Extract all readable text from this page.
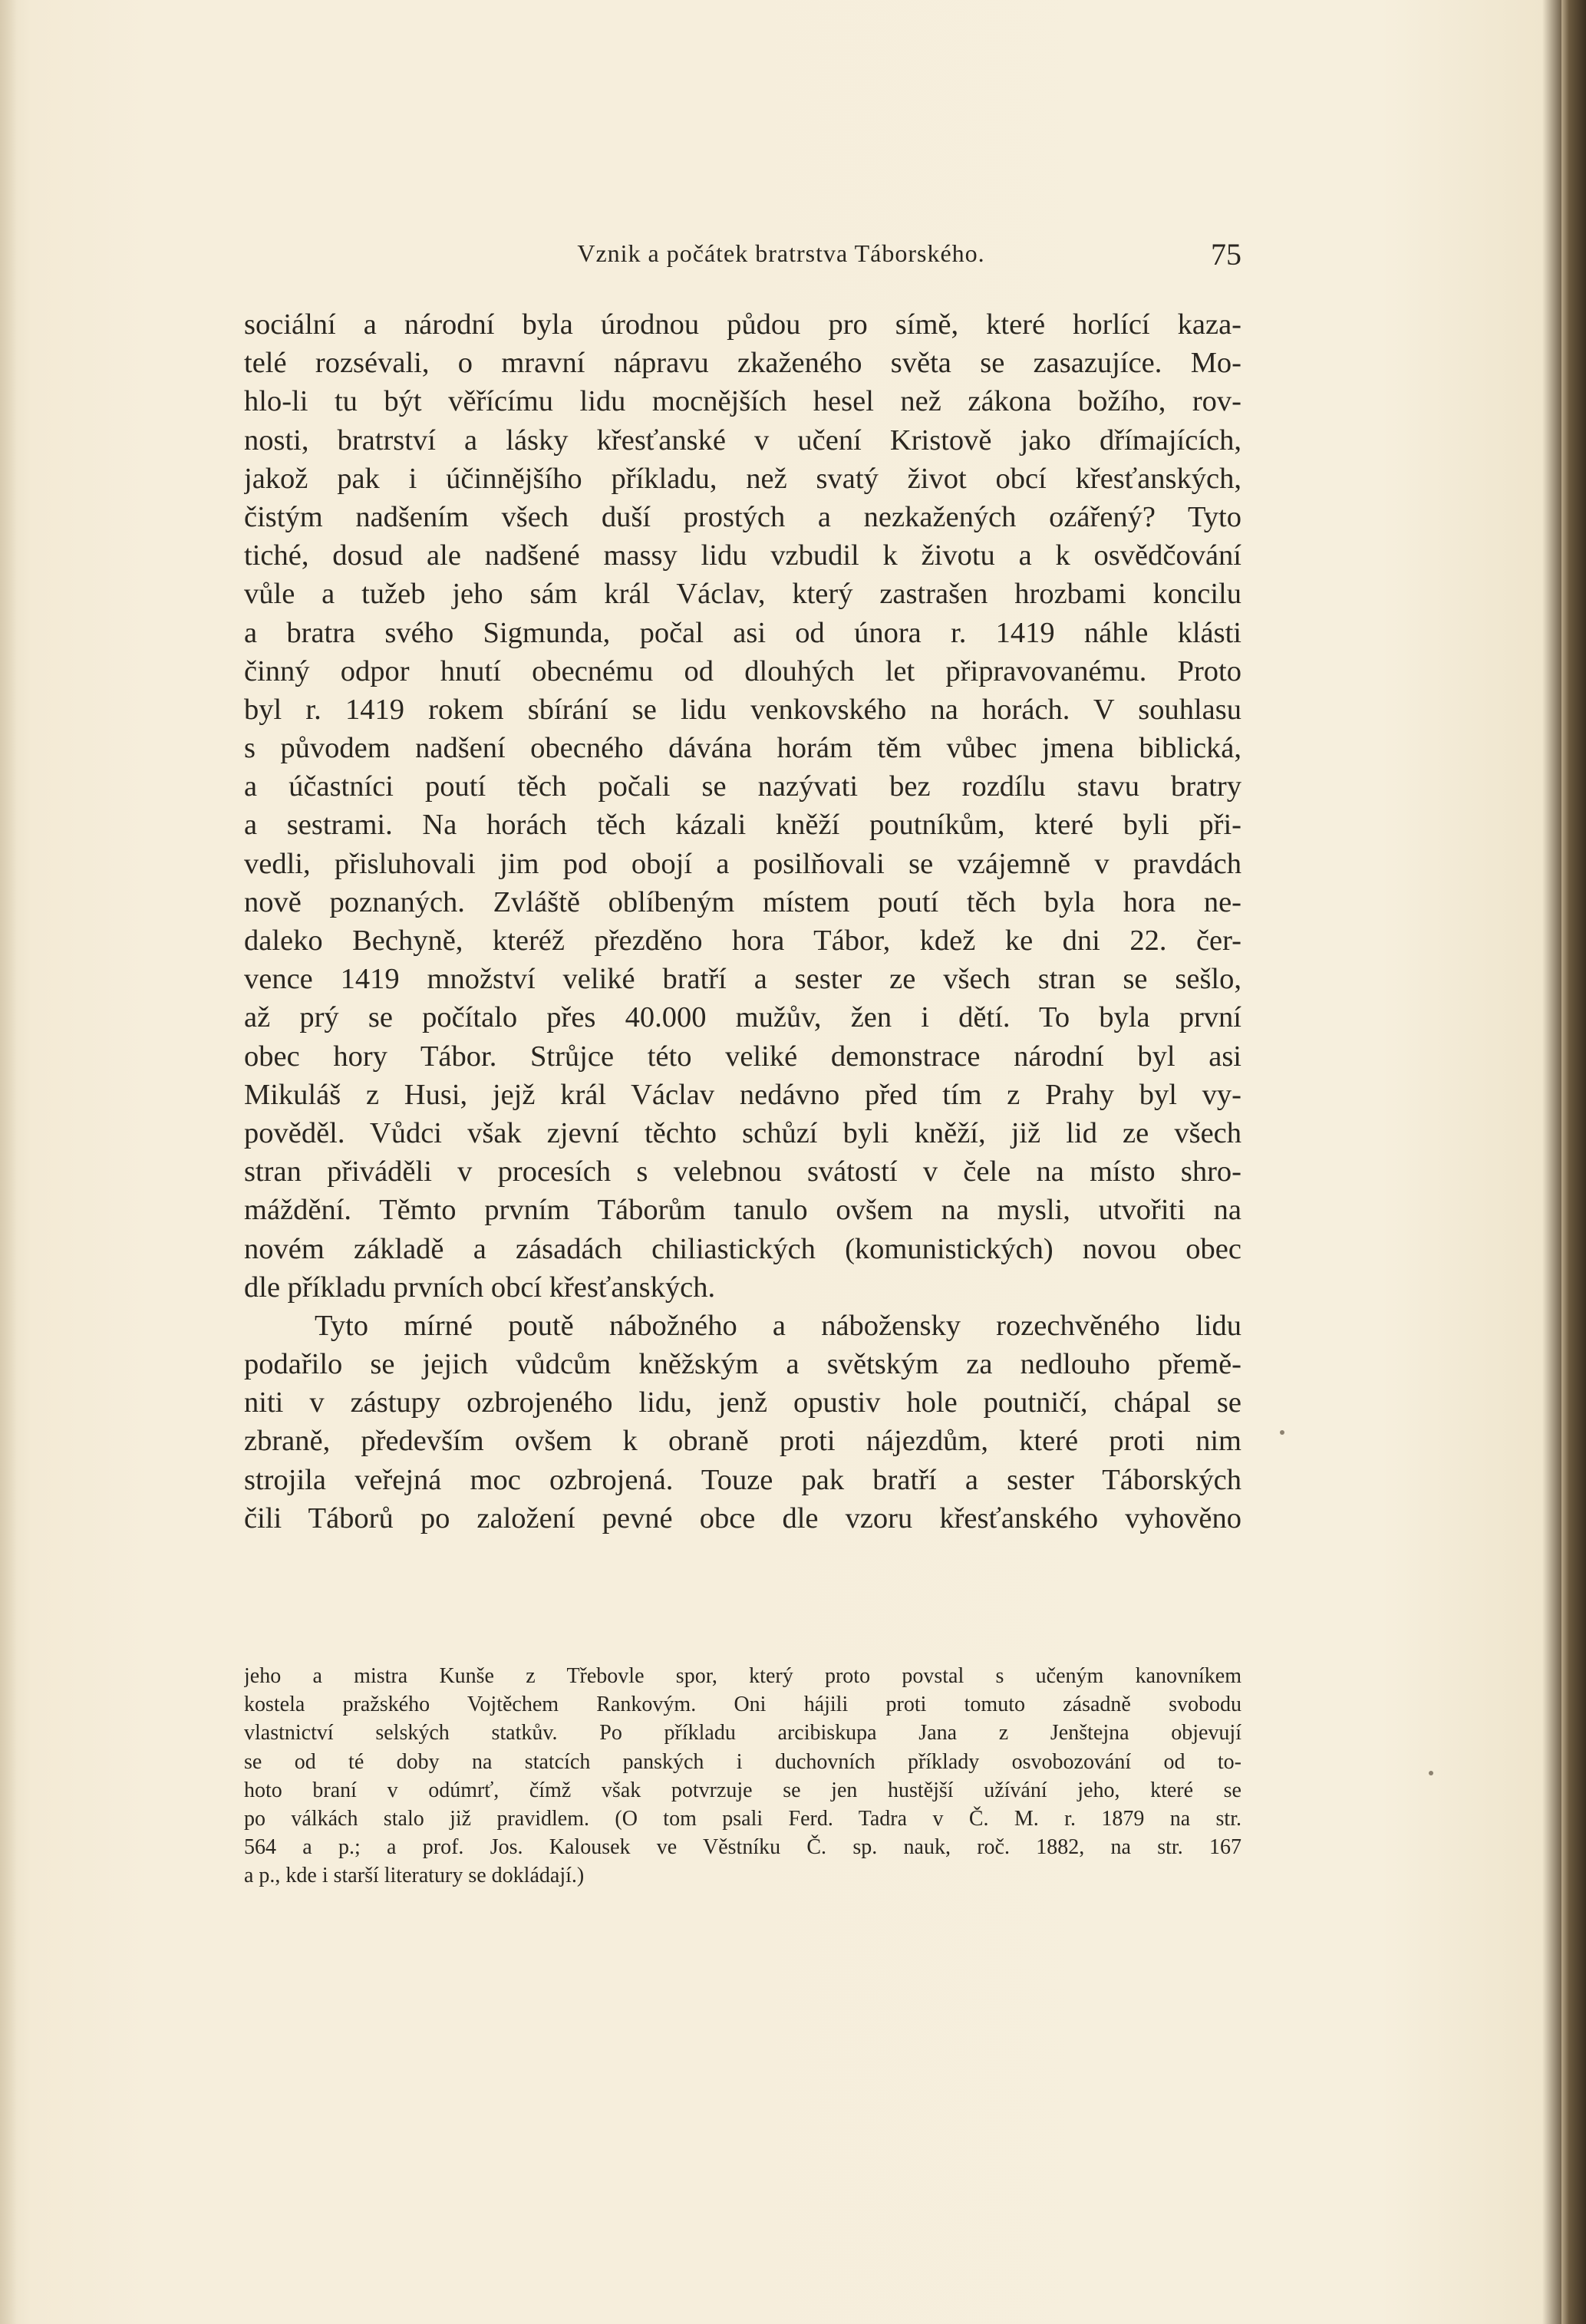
Vznik a počátek bratrstva Táborského.	75
sociální a národní byla úrodnou půdou pro símě, které horlící kaza-
telé rozsévali, o mravní nápravu zkaženého světa se zasazujíce. Mo-
hlo-li tu být věřícímu lidu mocnějších hesel než zákona božího, rov-
nosti, bratrství a lásky křesťanské v učení Kristově jako dřímajících,
jakož pak i účinnějšího příkladu, než svatý život obcí křesťanských,
čistým nadšením všech duší prostých a nezkažených ozářený? Tyto
tiché, dosud ale nadšené massy lidu vzbudil k životu a k osvědčování
vůle a tužeb jeho sám král Václav, který zastrašen hrozbami koncilu
a bratra svého Sigmunda, počal asi od února r. 1419 náhle klásti
činný odpor hnutí obecnému od dlouhých let připravovanému. Proto
byl r. 1419 rokem sbírání se lidu venkovského na horách. V souhlasu
s původem nadšení obecného dávána horám těm vůbec jmena biblická,
a účastníci poutí těch počali se nazývati bez rozdílu stavu bratry
a sestrami. Na horách těch kázali kněží poutníkům, které byli při-
vedli, přisluhovali jim pod obojí a posilňovali se vzájemně v pravdách
nově poznaných. Zvláště oblíbeným místem poutí těch byla hora ne-
daleko Bechyně, kteréž přezděno hora Tábor, kdež ke dni 22. čer-
vence 1419 množství veliké bratří a sester ze všech stran se sešlo,
až prý se počítalo přes 40.000 mužův, žen i dětí. To byla první
obec hory Tábor. Strůjce této veliké demonstrace národní byl asi
Mikuláš z Husi, jejž král Václav nedávno před tím z Prahy byl vy-
pověděl. Vůdci však zjevní těchto schůzí byli kněží, již lid ze všech
stran přiváděli v procesích s velebnou svátostí v čele na místo shro-
máždění. Těmto prvním Táborům tanulo ovšem na mysli, utvořiti na
novém základě a zásadách chiliastických (komunistických) novou obec
dle příkladu prvních obcí křesťanských.
Tyto mírné poutě nábožného a nábožensky rozechvěného lidu
podařilo se jejich vůdcům kněžským a světským za nedlouho přemě-
niti v zástupy ozbrojeného lidu, jenž opustiv hole poutničí, chápal se
zbraně, především ovšem k obraně proti nájezdům, které proti nim
strojila veřejná moc ozbrojená. Touze pak bratří a sester Táborských
čili Táborů po založení pevné obce dle vzoru křesťanského vyhověno
jeho a mistra Kunše z Třebovle spor, který proto povstal s učeným kanovníkem
kostela pražského Vojtěchem Rankovým. Oni hájili proti tomuto zásadně svobodu
vlastnictví selských statkův. Po příkladu arcibiskupa Jana z Jenštejna objevují
se od té doby na statcích panských i duchovních příklady osvobozování od to-
hoto braní v odúmrť, čímž však potvrzuje se jen hustější užívání jeho, které se
po válkách stalo již pravidlem. (O tom psali Ferd. Tadra v Č. M. r. 1879 na str.
564 a p.; a prof. Jos. Kalousek ve Věstníku Č. sp. nauk, roč. 1882, na str. 167
a p., kde i starší literatury se dokládají.)
